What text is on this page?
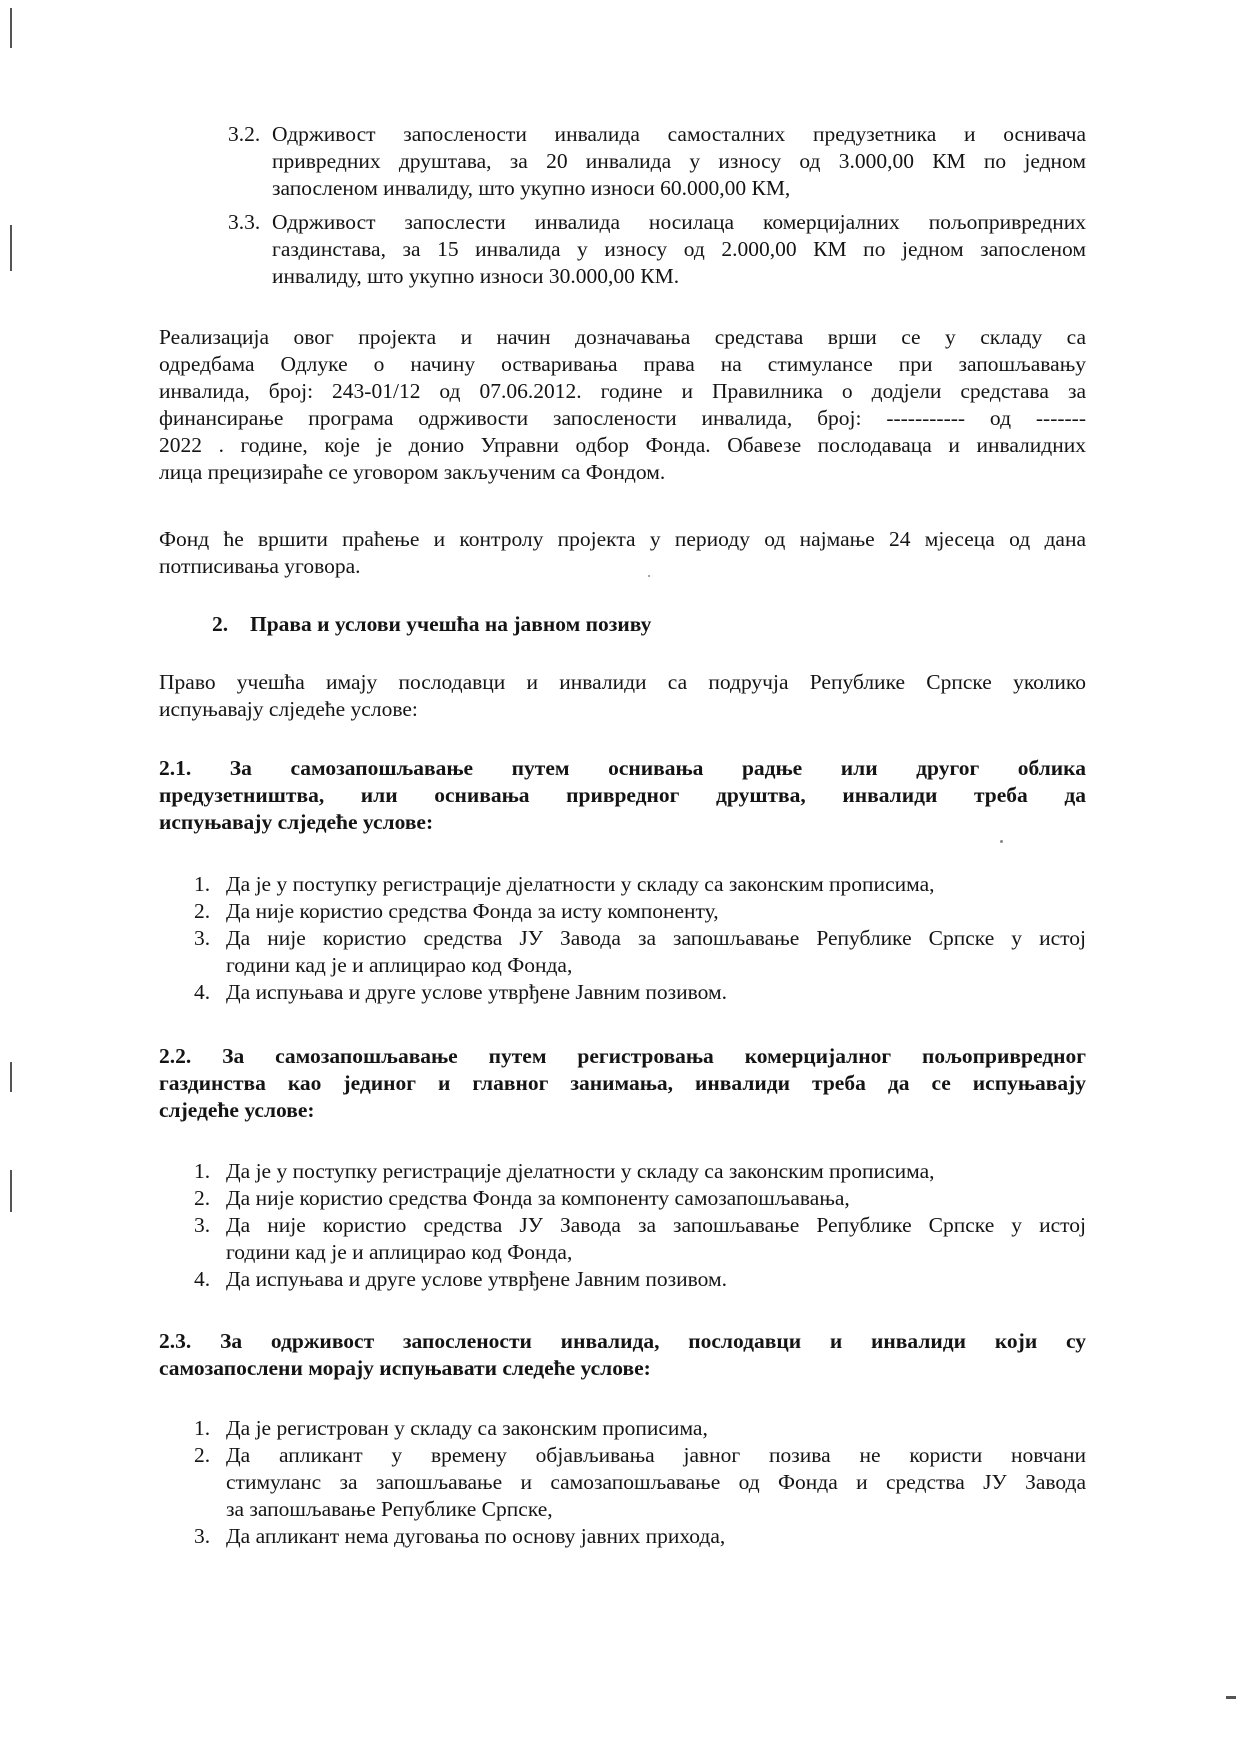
3.2. Одрживост запослености инвалида самосталних предузетника и оснивача
привредних друштава, за 20 инвалида у износу од 3.000,00 КМ по једном
запосленом инвалиду, што укупно износи 60.000,00 КМ,
3.3. Одрживост запослести инвалида носилаца комерцијалних пољопривредних
газдинстава, за 15 инвалида у износу од 2.000,00 КМ по једном запосленом
инвалиду, што укупно износи 30.000,00 КМ.
Реализација овог пројекта и начин дозначавања средстава врши се у складу са
одредбама Одлуке о начину остваривања права на стимулансе при запошљавању
инвалида, број: 243-01/12 од 07.06.2012. године и Правилника о додјели средстава за
финансирање програма одрживости запослености инвалида, број: ----------- од -------
2022 . године, које је донио Управни одбор Фонда. Обавезе послодаваца и инвалидних
лица прецизираће се уговором закљученим са Фондом.
Фонд ће вршити праћење и контролу пројекта у периоду од најмање 24 мјесеца од дана
потписивања уговора.
2. Права и услови учешћа на јавном позиву
Право учешћа имају послодавци и инвалиди са подручја Републике Српске уколико
испуњавају слједеће услове:
2.1. За самозапошљавање путем оснивања радње или другог облика
предузетништва, или оснивања привредног друштва, инвалиди треба да
испуњавају слједеће услове:
1. Да је у поступку регистрације дјелатности у складу са законским прописима,
2. Да није користио средства Фонда за исту компоненту,
3. Да није користио средства ЈУ Завода за запошљавање Републике Српске у истој
години кад је и аплицирао код Фонда,
4. Да испуњава и друге услове утврђене Јавним позивом.
2.2. За самозапошљавање путем регистровања комерцијалног пољопривредног
газдинства као јединог и главног занимања, инвалиди треба да се испуњавају
слједеће услове:
1. Да је у поступку регистрације дјелатности у складу са законским прописима,
2. Да није користио средства Фонда за компоненту самозапошљавања,
3. Да није користио средства ЈУ Завода за запошљавање Републике Српске у истој
години кад је и аплицирао код Фонда,
4. Да испуњава и друге услове утврђене Јавним позивом.
2.3. За одрживост запослености инвалида, послодавци и инвалиди који су
самозапослени морају испуњавати следеће услове:
1. Да је регистрован у складу са законским прописима,
2. Да апликант у времену објављивања јавног позива не користи новчани
стимуланс за запошљавање и самозапошљавање од Фонда и средства ЈУ Завода
за запошљавање Републике Српске,
3. Да апликант нема дуговања по основу јавних прихода,
